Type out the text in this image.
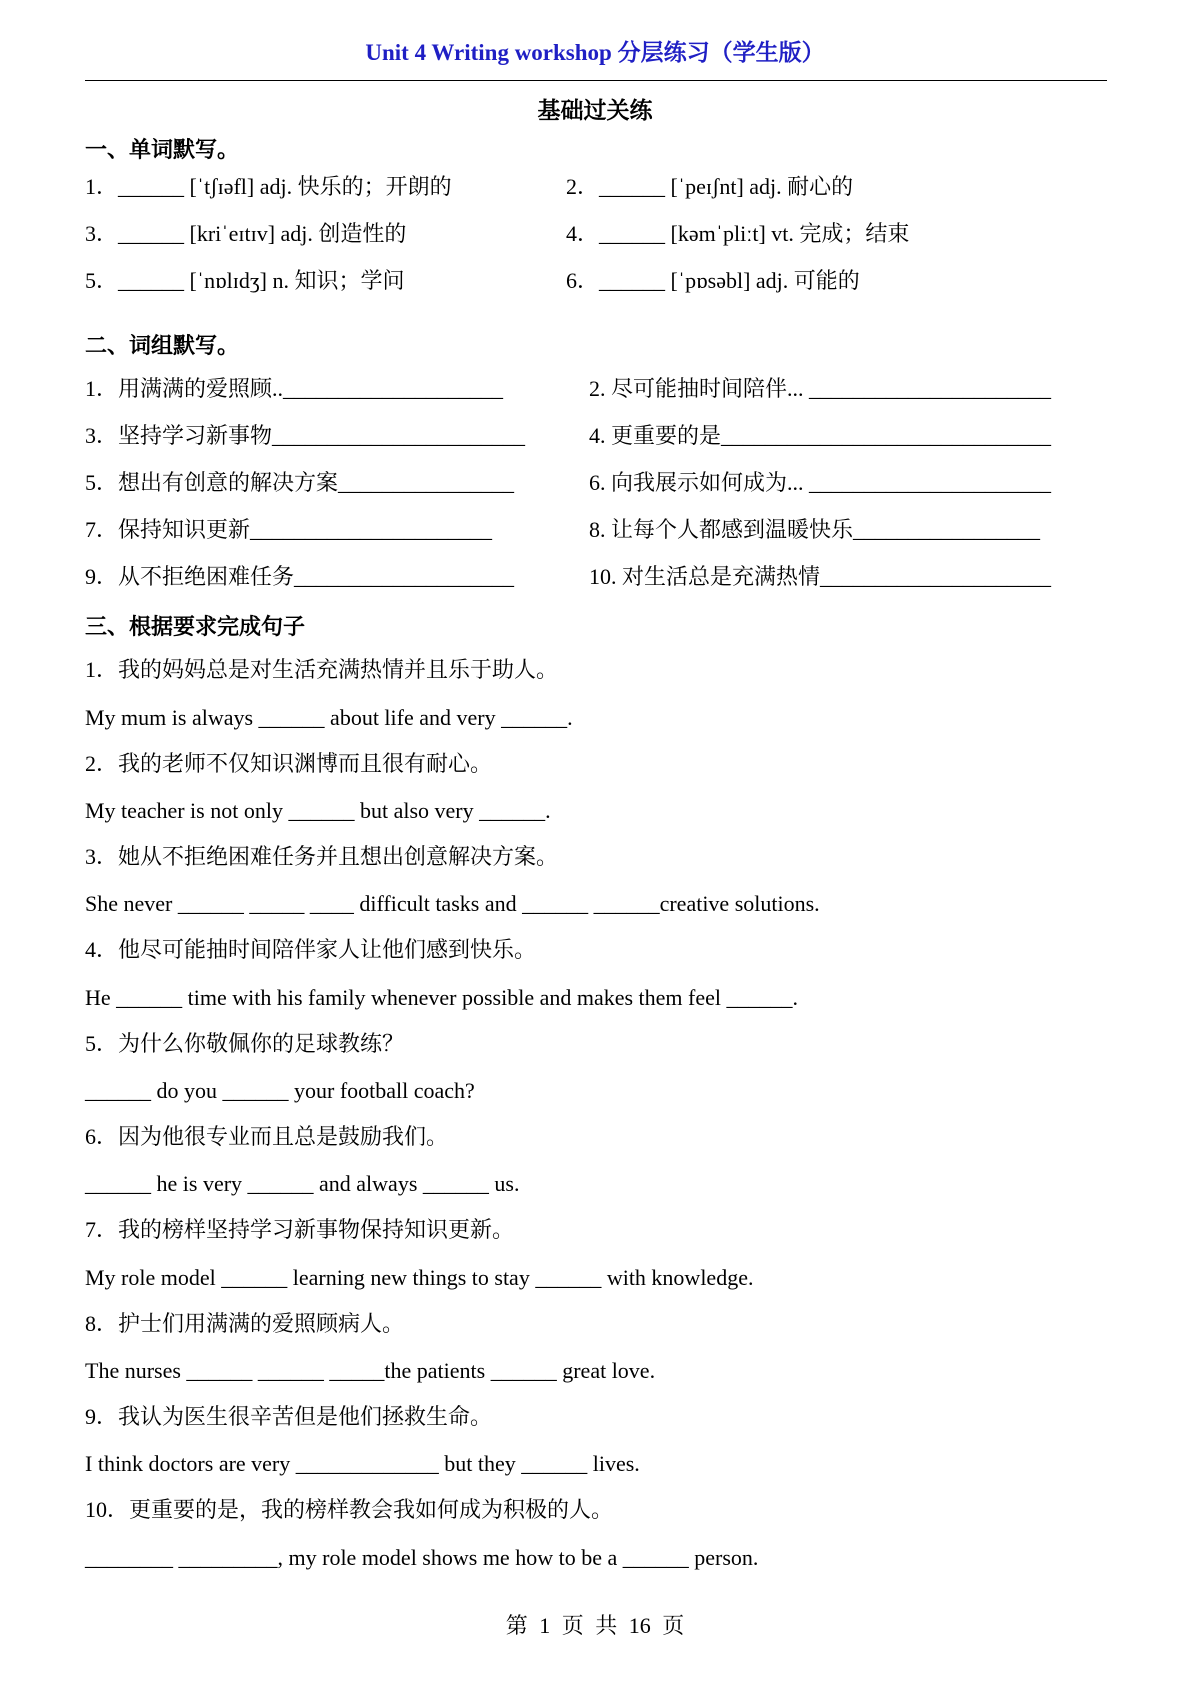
Unit 4 Writing workshop 分层练习（学生版）
基础过关练
一、单词默写。
1．______ [ˈtʃɪəfl] adj. 快乐的；开朗的	2．______ [ˈpeɪʃnt] adj. 耐心的
3．______ [kriˈeɪtɪv] adj. 创造性的	4．______ [kəmˈpliːt] vt. 完成；结束
5．______ [ˈnɒlɪdʒ] n. 知识；学问	6．______ [ˈpɒsəbl] adj. 可能的
二、词组默写。
1．用满满的爱照顾..____________________	2. 尽可能抽时间陪伴... ______________________
3．坚持学习新事物_______________________	4. 更重要的是______________________________
5．想出有创意的解决方案________________	6. 向我展示如何成为... ______________________
7．保持知识更新______________________	8. 让每个人都感到温暖快乐_________________
9．从不拒绝困难任务____________________	10. 对生活总是充满热情_____________________
三、根据要求完成句子
1．我的妈妈总是对生活充满热情并且乐于助人。
My mum is always ______ about life and very ______.
2．我的老师不仅知识渊博而且很有耐心。
My teacher is not only ______ but also very ______.
3．她从不拒绝困难任务并且想出创意解决方案。
She never ______ _____ ____ difficult tasks and ______ ______creative solutions.
4．他尽可能抽时间陪伴家人让他们感到快乐。
He ______ time with his family whenever possible and makes them feel ______.
5．为什么你敬佩你的足球教练？
______ do you ______ your football coach?
6．因为他很专业而且总是鼓励我们。
______ he is very ______ and always ______ us.
7．我的榜样坚持学习新事物保持知识更新。
My role model ______ learning new things to stay ______ with knowledge.
8．护士们用满满的爱照顾病人。
The nurses ______ ______ _____the patients ______ great love.
9．我认为医生很辛苦但是他们拯救生命。
I think doctors are very _____________ but they ______ lives.
10．更重要的是，我的榜样教会我如何成为积极的人。
________ _________, my role model shows me how to be a ______ person.
第 1 页 共 16 页
